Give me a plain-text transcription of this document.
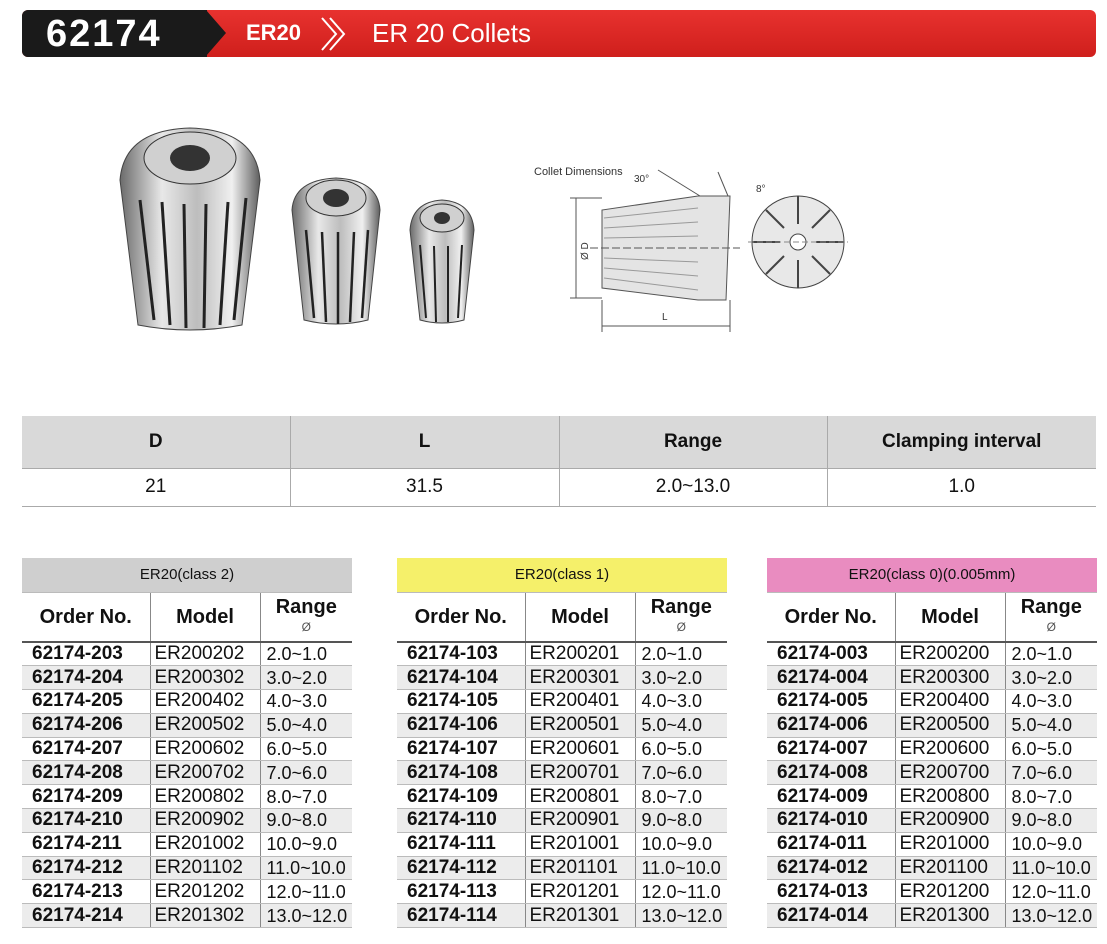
62174	ER20	ER 20 Collets
30°
8°
Ø D
L
Collet Dimensions
D	L	Range	Clamping interval
21	31.5	2.0~13.0	1.0
ER20(class 2)		
Order No.	Model	Range
Ø

62174-203	ER200202	2.0~1.0
62174-204	ER200302	3.0~2.0
62174-205	ER200402	4.0~3.0
62174-206	ER200502	5.0~4.0
62174-207	ER200602	6.0~5.0
62174-208	ER200702	7.0~6.0
62174-209	ER200802	8.0~7.0
62174-210	ER200902	9.0~8.0
62174-211	ER201002	10.0~9.0
62174-212	ER201102	11.0~10.0
62174-213	ER201202	12.0~11.0
62174-214	ER201302	13.0~12.0
ER20(class 1)		
Order No.	Model	Range
Ø

62174-103	ER200201	2.0~1.0
62174-104	ER200301	3.0~2.0
62174-105	ER200401	4.0~3.0
62174-106	ER200501	5.0~4.0
62174-107	ER200601	6.0~5.0
62174-108	ER200701	7.0~6.0
62174-109	ER200801	8.0~7.0
62174-110	ER200901	9.0~8.0
62174-111	ER201001	10.0~9.0
62174-112	ER201101	11.0~10.0
62174-113	ER201201	12.0~11.0
62174-114	ER201301	13.0~12.0
ER20(class 0)(0.005mm)		
Order No.	Model	Range
Ø

62174-003	ER200200	2.0~1.0
62174-004	ER200300	3.0~2.0
62174-005	ER200400	4.0~3.0
62174-006	ER200500	5.0~4.0
62174-007	ER200600	6.0~5.0
62174-008	ER200700	7.0~6.0
62174-009	ER200800	8.0~7.0
62174-010	ER200900	9.0~8.0
62174-011	ER201000	10.0~9.0
62174-012	ER201100	11.0~10.0
62174-013	ER201200	12.0~11.0
62174-014	ER201300	13.0~12.0
